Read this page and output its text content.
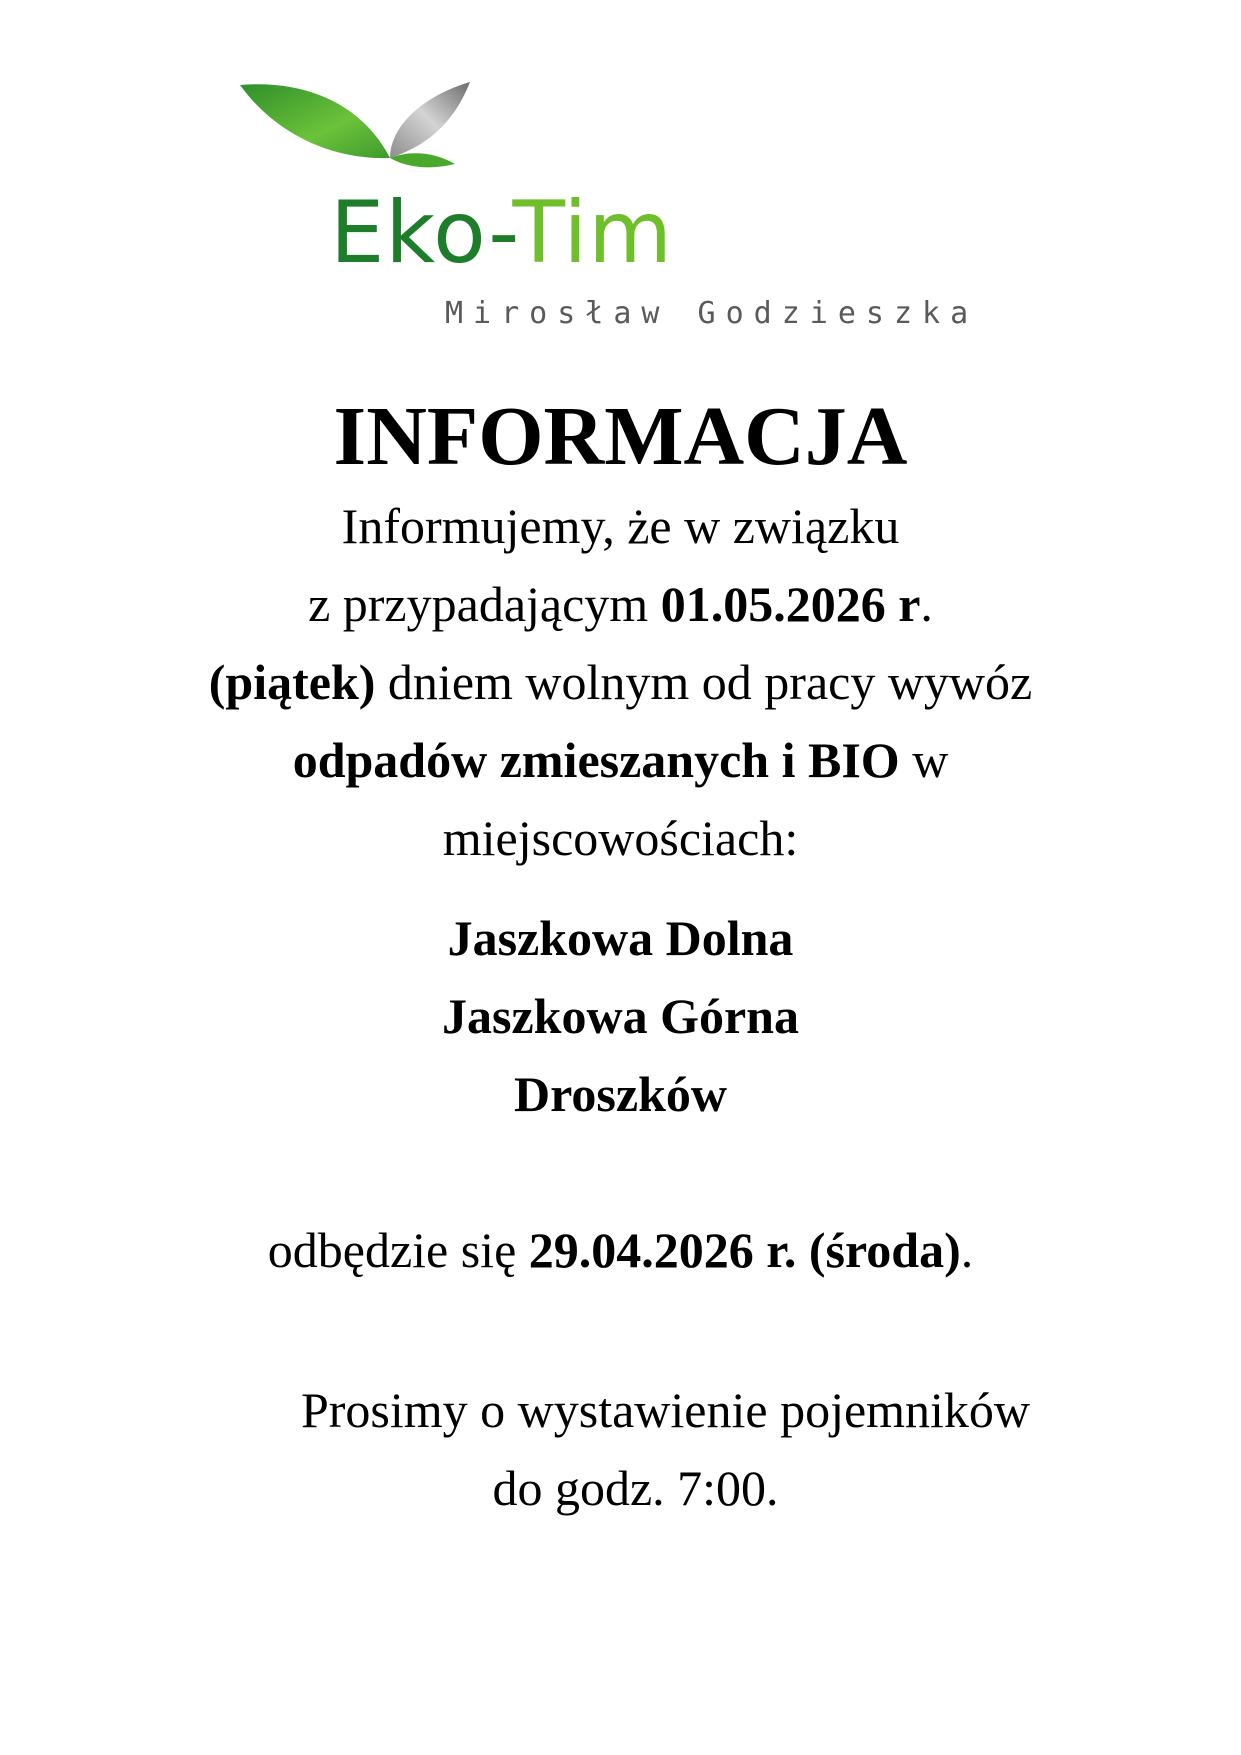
Eko-Tim
Mirosław Godzieszka
INFORMACJA

Informujemy, że w związku

z przypadającym 01.05.2026 r.

(piątek) dniem wolnym od pracy wywóz

odpadów zmieszanych i BIO w

miejscowościach:

Jaszkowa Dolna

Jaszkowa Górna

Droszków

odbędzie się 29.04.2026 r. (środa).

Prosimy o wystawienie pojemników
do godz. 7:00.
